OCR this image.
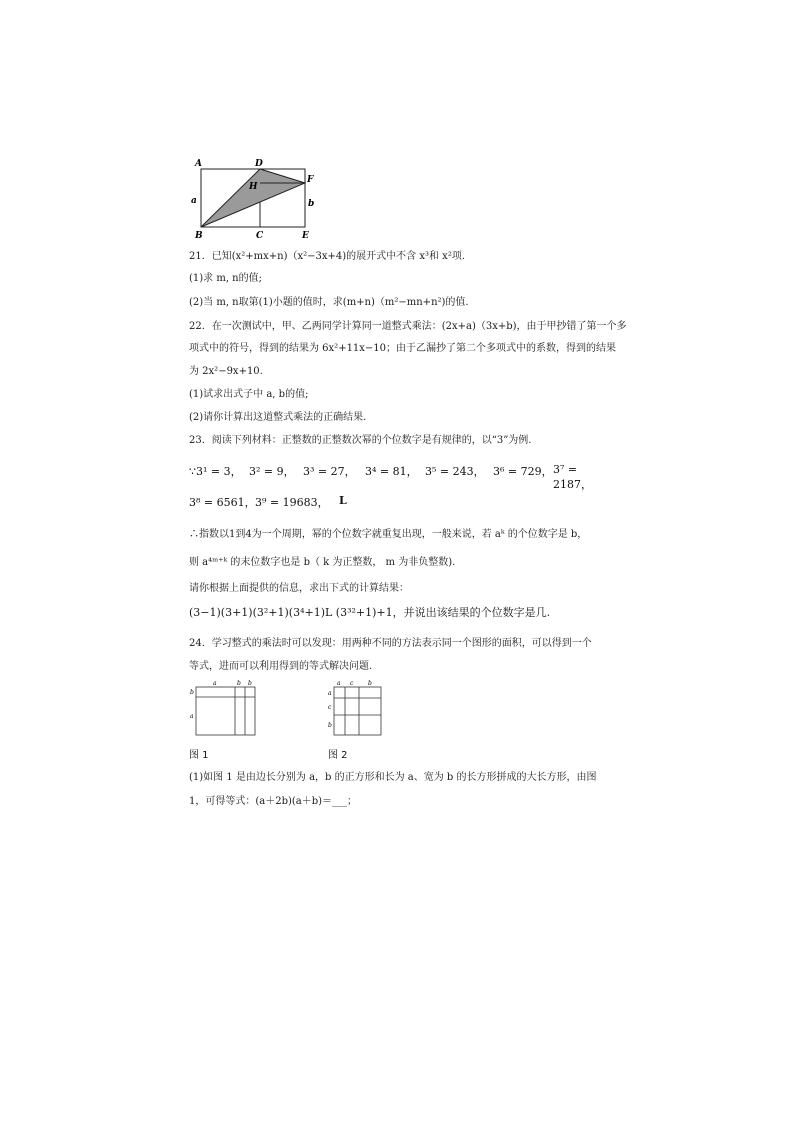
A	D
H
F
a	b
B	C	E
21．已知(x²+mx+n)（x²−3x+4)的展开式中不含 x³和 x²项.
(1)求 m, n的值;
(2)当 m, n取第(1)小题的值时，求(m+n)（m²−mn+n²)的值.
22．在一次测试中，甲、乙两同学计算同一道整式乘法：(2x+a)（3x+b)，由于甲抄错了第一个多
项式中的符号，得到的结果为 6x²+11x−10；由于乙漏抄了第二个多项式中的系数，得到的结果
为 2x²−9x+10.
(1)试求出式子中 a, b的值;
(2)请你计算出这道整式乘法的正确结果.
23．阅读下列材料：正整数的正整数次幂的个位数字是有规律的，以“3”为例.
∵3¹ = 3， 3² = 9， 3³ = 27， 3⁴ = 81， 3⁵ = 243， 3⁶ = 729， 3⁷ = 2187，
3⁸ = 6561， 3⁹ = 19683， L
∴指数以1到4为一个周期，幂的个位数字就重复出现，一般来说，若 aᵏ 的个位数字是 b，
则 a⁴ᵐ⁺ᵏ 的末位数字也是 b（ k 为正整数， m 为非负整数).
请你根据上面提供的信息，求出下式的计算结果：
(3−1)(3+1)(3²+1)(3⁴+1)L (3³²+1)+1，并说出该结果的个位数字是几.
24．学习整式的乘法时可以发现：用两种不同的方法表示同一个图形的面积，可以得到一个
等式，进而可以利用得到的等式解决问题.
a	b b
b
a
a c b
a
c
b
图 1	图 2
(1)如图 1 是由边长分别为 a，b 的正方形和长为 a、宽为 b 的长方形拼成的大长方形，由图
1，可得等式：(a＋2b)(a＋b)＝___；
